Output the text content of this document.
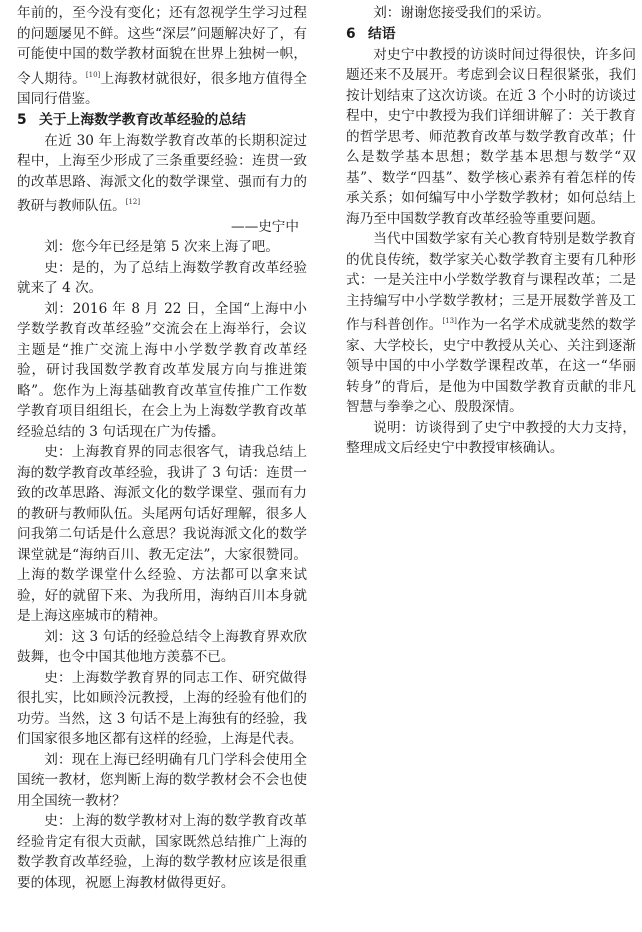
年前的，至今没有变化；还有忽视学生学习过程的问题屡见不鲜。这些“深层”问题解决好了，有可能使中国的数学教材面貌在世界上独树一帜，令人期待。[10]上海教材就很好，很多地方值得全国同行借鉴。

5 关于上海数学教育改革经验的总结

在近 30 年上海数学教育改革的长期积淀过程中，上海至少形成了三条重要经验：连贯一致的改革思路、海派文化的数学课堂、强而有力的教研与教师队伍。[12]

——史宁中

刘：您今年已经是第 5 次来上海了吧。

史：是的，为了总结上海数学教育改革经验就来了 4 次。

刘：2016 年 8 月 22 日，全国“上海中小学数学教育改革经验”交流会在上海举行，会议主题是“推广交流上海中小学数学教育改革经验，研讨我国数学教育改革发展方向与推进策略”。您作为上海基础教育改革宣传推广工作数学教育项目组组长，在会上为上海数学教育改革经验总结的 3 句话现在广为传播。

史：上海教育界的同志很客气，请我总结上海的数学教育改革经验，我讲了 3 句话：连贯一致的改革思路、海派文化的数学课堂、强而有力的教研与教师队伍。头尾两句话好理解，很多人问我第二句话是什么意思？我说海派文化的数学课堂就是“海纳百川、教无定法”，大家很赞同。上海的数学课堂什么经验、方法都可以拿来试验，好的就留下来、为我所用，海纳百川本身就是上海这座城市的精神。

刘：这 3 句话的经验总结令上海教育界欢欣鼓舞，也令中国其他地方羡慕不已。

史：上海数学教育界的同志工作、研究做得很扎实，比如顾泠沅教授，上海的经验有他们的功劳。当然，这 3 句话不是上海独有的经验，我们国家很多地区都有这样的经验，上海是代表。

刘：现在上海已经明确有几门学科会使用全国统一教材，您判断上海的数学教材会不会也使用全国统一教材？

史：上海的数学教材对上海的数学教育改革经验肯定有很大贡献，国家既然总结推广上海的数学教育改革经验，上海的数学教材应该是很重要的体现，祝愿上海教材做得更好。

刘：谢谢您接受我们的采访。

6 结语

对史宁中教授的访谈时间过得很快，许多问题还来不及展开。考虑到会议日程很紧张，我们按计划结束了这次访谈。在近 3 个小时的访谈过程中，史宁中教授为我们详细讲解了：关于教育的哲学思考、师范教育改革与数学教育改革；什么是数学基本思想；数学基本思想与数学“双基”、数学“四基”、数学核心素养有着怎样的传承关系；如何编写中小学数学教材；如何总结上海乃至中国数学教育改革经验等重要问题。

当代中国数学家有关心教育特别是数学教育的优良传统，数学家关心数学教育主要有几种形式：一是关注中小学数学教育与课程改革；二是主持编写中小学数学教材；三是开展数学普及工作与科普创作。[13]作为一名学术成就斐然的数学家、大学校长，史宁中教授从关心、关注到逐渐领导中国的中小学数学课程改革，在这一“华丽转身”的背后，是他为中国数学教育贡献的非凡智慧与拳拳之心、殷殷深情。

说明：访谈得到了史宁中教授的大力支持，整理成文后经史宁中教授审核确认。
